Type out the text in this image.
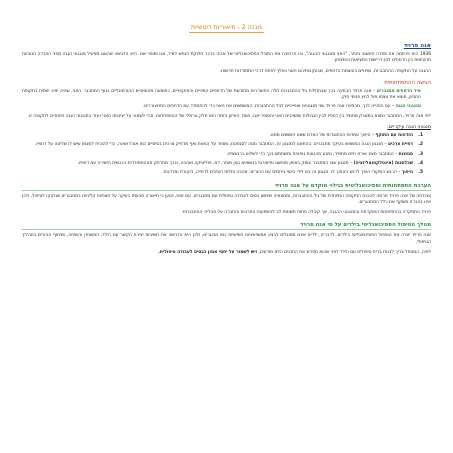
מבנה 2 - תיאוריות ריגושיות
אנה פרויד

1936 היא פרסמה את ספרה החשוב ביותר, "האני ומנגנוני ההגנה", ובו הרחיבה את המודל הפסיכואנליטי של אביה בדבר חלוקת הנפש לאיד, אגו וסופר-אגו. היא הדגישה שהאגו מפעיל מנגנוני הגנה מפני החרדה הנובעת מהעימות בין הדחפים לבין דרישות המציאות והמצפון.

ההגנה על התקופה ההתבגרות, ושינויים בעוצמת הדחפים, שבעקבותיהם האני נאלץ לפתח דרכי התמודדות חדשות.

הגישה ההתפתחותית

איד הדחפים מתגברים – אנה פרויד הבחינה בכך שבתחילת גיל ההתבגרות חלה התעוררות מחודשת של הדחפים המיניים והתוקפניים, כתוצאה מהשינויים ההורמונליים בגוף המתבגר. האני, שהיה יציב יחסית בתקופת החביון, מוצא את עצמו מול לחץ פנימי חזק.

מנגנוני הגנה – עם הפנייה לכך, מבחינה אנה פרויד שני מנגנונים אופייניים לגיל ההתבגרות, המשמשים את האני כדי להתמודד עם הדחפים המתעוררים.

לפי אנה פרויד, המתבגר נמצא במאבק מתמיד בין דחפיו לבין הגבולות שמציבים האני והסופר-אגו. חוסר האיזון הזמני הוא חלק נורמלי של ההתפתחות, וכדי לשמור על יציבותו האני נעזר במנגנוני הגנה מיוחדים לתקופה זו.

מנגנוני הגנה עיקריים:
1.
הזדהות עם התוקף – היפוך עמדות ההתנגדות של האדם שאנו חוששים ממנו.
2.
דחיית צרכים – מנגנון הגנה המשמש בעיקר מתבגרים. בהתאם למנגנון זה, המתבגר נוטה לסגפנות, מוותר על הנאות ואף מדחיק צרכים בסיסיים כמו אוכל ושינה, כדי להוכיח לעצמו שיש לו שליטה על דחפיו.
3.
סגפנות – המתבגר מציג אורח חיים מחמיר, נמנע מהנאות גופניות ומשתמש בכך כדי לשלוט ברגשותיו.
4.
שכלתנות (אינטלקטואליזציה) – מנגנון שבו המתבגר עוסק באופן מופשט ותיאורטי בנושאים כגון מוסר, דת, פוליטיקה ואהבה, ובכך מתרחק מההתמודדות הרגשית הישירה עם דחפיו.
5.
היפוך – הרגש המקורי הופך לרגש ההפוך לו. מנגנון זה בא לידי ביטוי ביחסים עם ההורים: אהבה ותלות הופכים לדחייה, ביקורת ומרדנות.
הערכת התפתחותית ופסיכואנליטית בגילוי מוקדם על אנה פרויד

עבודתה של אנה פרויד תרמה להבנת התקופה המיוחדת של גיל ההתבגרות, וממצאיה שימשו בסיס לעבודה טיפולית עם מתבגרים. עם זאת, נטען כי תיאורה מבוסס בעיקר על תצפיות קליניות במתבגרים שנזקקו לטיפול, ולכן אינו בהכרח משקף את כלל המתבגרים.

פרויד התמקדה בהתפתחות המוקדמת ובמנגנוני ההגנה, אך קיבלה פחות תשומת לב להשפעות התרבות והחברה על תהליכי ההתבגרות.

מהלך הטיפול הפסיכואנליטי בילדים על פי אנה פרויד

אנה פרויד יצרה את הטיפול הפסיכואנליטי בילדים. לדבריה, ילדים אינם מסוגלים לבצע אסוציאציות חופשיות כמו מבוגרים, ולכן היא הדגישה את חשיבות יצירת הקשר עם הילד, המשחק והשיחה, ושיתוף ההורים בתהליך הטיפולי.

לפיה, המטפל צריך לבנות ברית טיפולית עם הילד לפני שהוא מפרש את התכנים הלא מודעים, ויש לשמור על יחסי אמון כבסיס לעבודה טיפולית.
